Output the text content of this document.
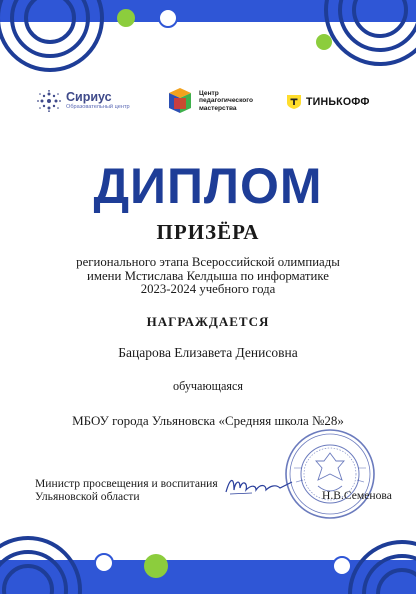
Сириус
Образовательный центр
Центр
педагогического
мастерства
ТИНЬКОФФ
ДИПЛОМ
ПРИЗЁРА
регионального этапа Всероссийской олимпиады
имени Мстислава Келдыша по информатике
2023-2024 учебного года
НАГРАЖДАЕТСЯ
Бацарова Елизавета Денисовна
обучающаяся
МБОУ города Ульяновска «Средняя школа №28»
Министр просвещения и воспитания
Ульяновской области	Н.В.Семенова
